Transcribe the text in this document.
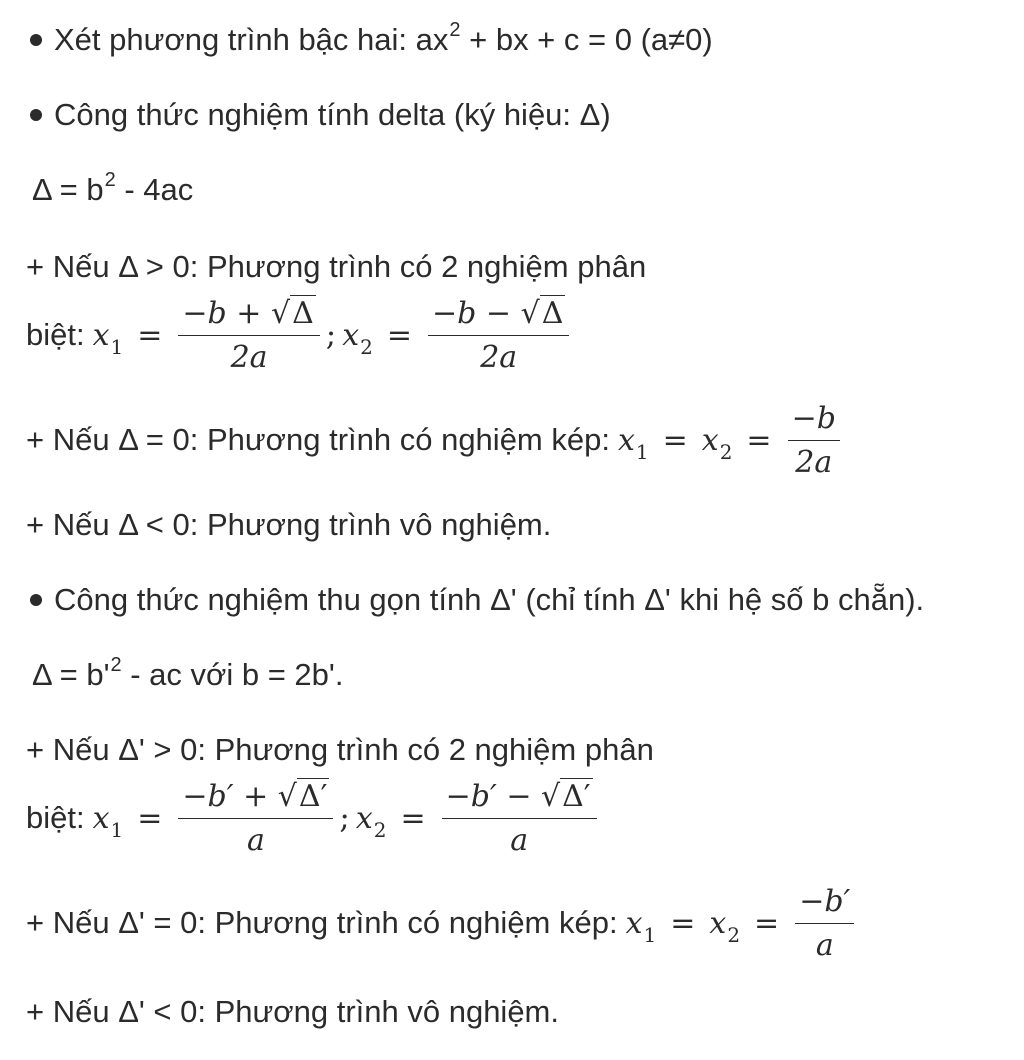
Xét phương trình bậc hai: $ax^2$ + bx + c = 0 (a≠0)
Công thức nghiệm tính delta (ký hiệu: Δ)
$\Delta = b^2 - 4ac$
+ Nếu Δ > 0: Phương trình có 2 nghiệm phân
biệt: $x_1 = \frac{-b + √\Delta}{2a}$ ; $x_2 = \frac{-b - √\Delta}{2a}$
+ Nếu Δ = 0: Phương trình có nghiệm kép: $x_1 = x_2 = \frac{-b}{2a}$
+ Nếu Δ < 0: Phương trình vô nghiệm.
Công thức nghiệm thu gọn tính Δ' (chỉ tính Δ' khi hệ số b chẵn).
$\Delta = b'^2$ - ac với b = 2b'.
+ Nếu Δ' > 0: Phương trình có 2 nghiệm phân
biệt: $x_1 = \frac{-b' + √\Delta'}{a}$ ; $x_2 = \frac{-b' - √\Delta'}{a}$
+ Nếu Δ' = 0: Phương trình có nghiệm kép: $x_1 = x_2 = \frac{-b'}{a}$
+ Nếu Δ' < 0: Phương trình vô nghiệm.
